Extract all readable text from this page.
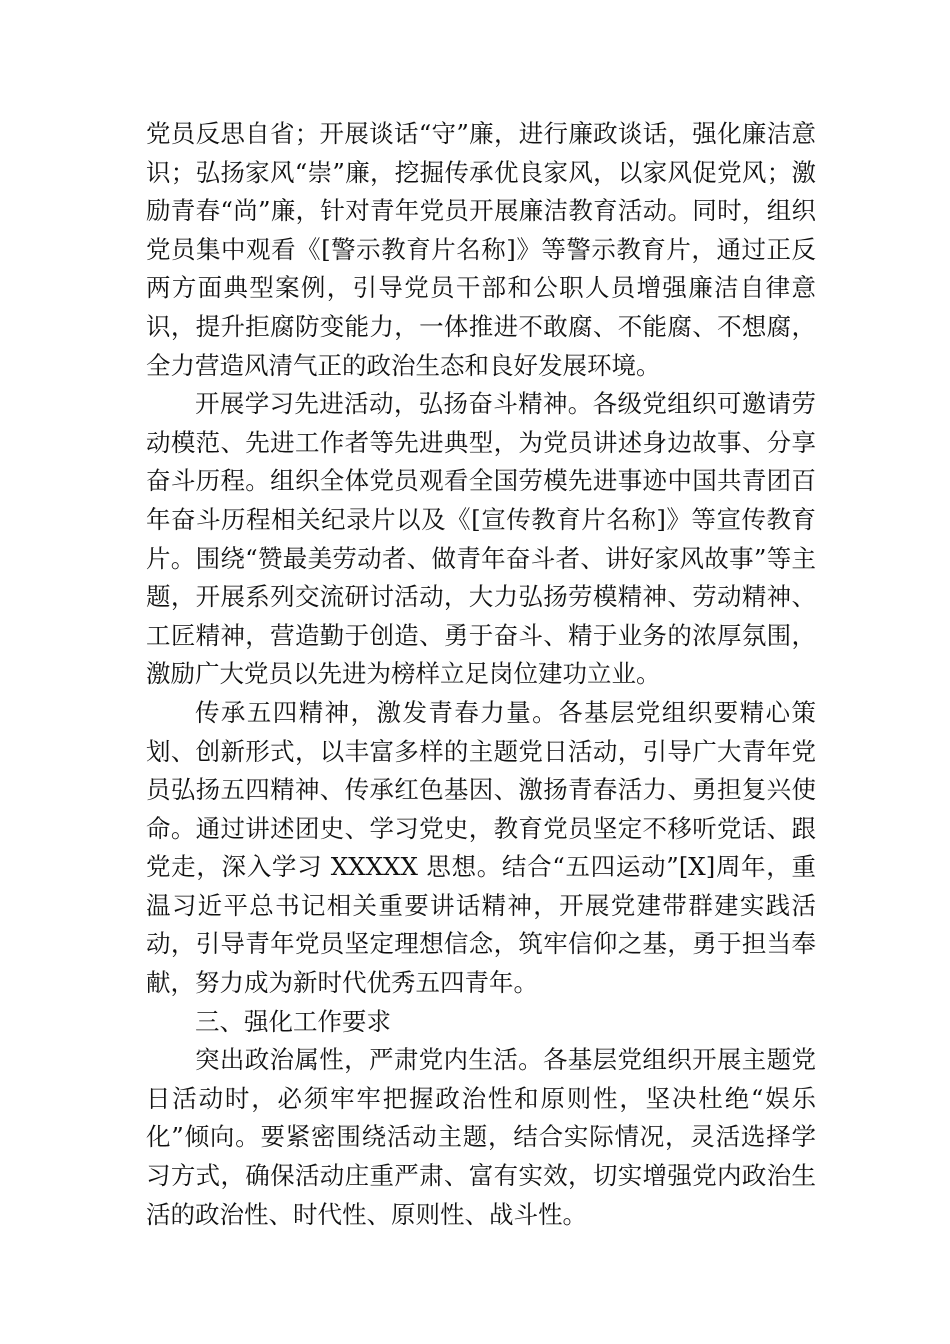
党员反思自省；开展谈话“守”廉，进行廉政谈话，强化廉洁意识；弘扬家风“崇”廉，挖掘传承优良家风，以家风促党风；激励青春“尚”廉，针对青年党员开展廉洁教育活动。同时，组织党员集中观看《[警示教育片名称]》等警示教育片，通过正反两方面典型案例，引导党员干部和公职人员增强廉洁自律意识，提升拒腐防变能力，一体推进不敢腐、不能腐、不想腐，全力营造风清气正的政治生态和良好发展环境。

开展学习先进活动，弘扬奋斗精神。各级党组织可邀请劳动模范、先进工作者等先进典型，为党员讲述身边故事、分享奋斗历程。组织全体党员观看全国劳模先进事迹中国共青团百年奋斗历程相关纪录片以及《[宣传教育片名称]》等宣传教育片。围绕“赞最美劳动者、做青年奋斗者、讲好家风故事”等主题，开展系列交流研讨活动，大力弘扬劳模精神、劳动精神、工匠精神，营造勤于创造、勇于奋斗、精于业务的浓厚氛围，激励广大党员以先进为榜样立足岗位建功立业。

传承五四精神，激发青春力量。各基层党组织要精心策划、创新形式，以丰富多样的主题党日活动，引导广大青年党员弘扬五四精神、传承红色基因、激扬青春活力、勇担复兴使命。通过讲述团史、学习党史，教育党员坚定不移听党话、跟党走，深入学习 XXXXX 思想。结合“五四运动”[X]周年，重温习近平总书记相关重要讲话精神，开展党建带群建实践活动，引导青年党员坚定理想信念，筑牢信仰之基，勇于担当奉献，努力成为新时代优秀五四青年。

三、强化工作要求

突出政治属性，严肃党内生活。各基层党组织开展主题党日活动时，必须牢牢把握政治性和原则性，坚决杜绝“娱乐化”倾向。要紧密围绕活动主题，结合实际情况，灵活选择学习方式，确保活动庄重严肃、富有实效，切实增强党内政治生活的政治性、时代性、原则性、战斗性。
